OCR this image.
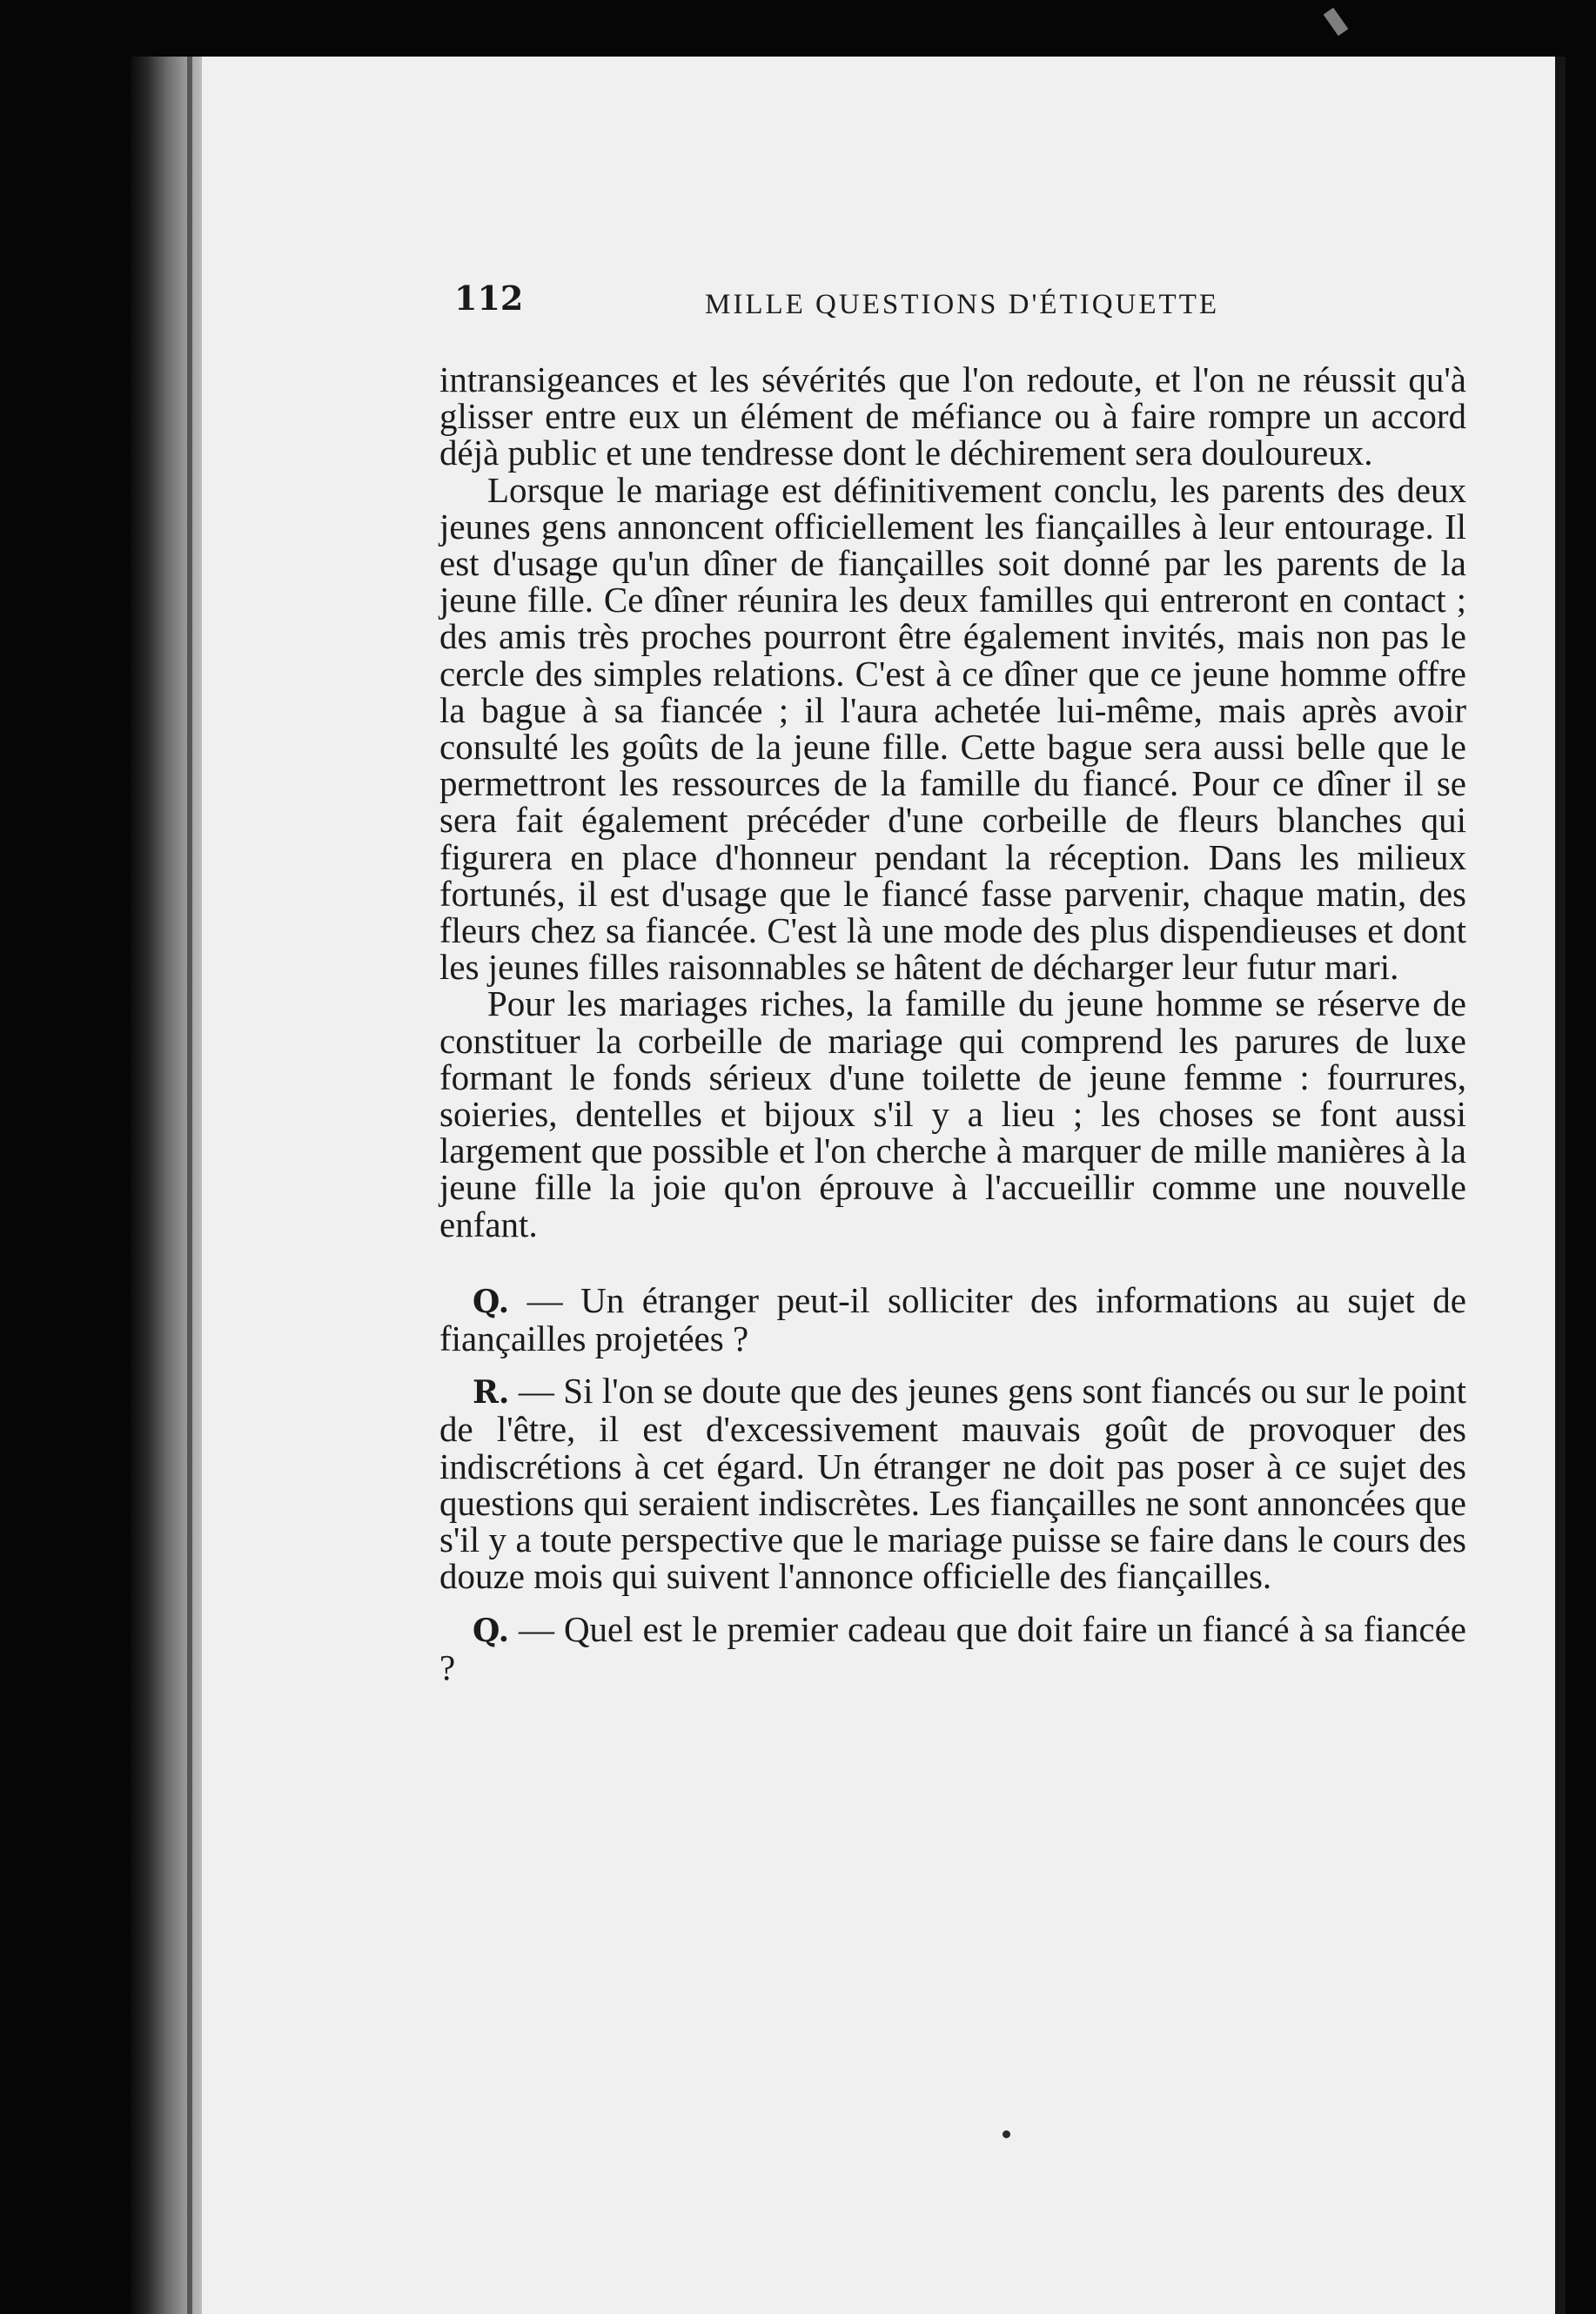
112	MILLE QUESTIONS D'ÉTIQUETTE

intransigeances et les sévérités que l'on redoute, et l'on ne réussit qu'à glisser entre eux un élément de méfiance ou à faire rompre un accord déjà public et une tendresse dont le déchirement sera douloureux.

Lorsque le mariage est définitivement conclu, les parents des deux jeunes gens annoncent officiellement les fiançailles à leur entourage. Il est d'usage qu'un dîner de fiançailles soit donné par les parents de la jeune fille. Ce dîner réunira les deux familles qui entreront en contact ; des amis très proches pourront être également invités, mais non pas le cercle des simples relations. C'est à ce dîner que ce jeune homme offre la bague à sa fiancée ; il l'aura achetée lui-même, mais après avoir consulté les goûts de la jeune fille. Cette bague sera aussi belle que le permettront les ressources de la famille du fiancé. Pour ce dîner il se sera fait également précéder d'une corbeille de fleurs blanches qui figurera en place d'honneur pendant la réception. Dans les milieux fortunés, il est d'usage que le fiancé fasse parvenir, chaque matin, des fleurs chez sa fiancée. C'est là une mode des plus dispendieuses et dont les jeunes filles raisonnables se hâtent de décharger leur futur mari.

Pour les mariages riches, la famille du jeune homme se réserve de constituer la corbeille de mariage qui comprend les parures de luxe formant le fonds sérieux d'une toilette de jeune femme : fourrures, soieries, dentelles et bijoux s'il y a lieu ; les choses se font aussi largement que possible et l'on cherche à marquer de mille manières à la jeune fille la joie qu'on éprouve à l'accueillir comme une nouvelle enfant.

Q. — Un étranger peut-il solliciter des informations au sujet de fiançailles projetées ?

R. — Si l'on se doute que des jeunes gens sont fiancés ou sur le point de l'être, il est d'excessivement mauvais goût de provoquer des indiscrétions à cet égard. Un étranger ne doit pas poser à ce sujet des questions qui seraient indiscrètes. Les fiançailles ne sont annoncées que s'il y a toute perspective que le mariage puisse se faire dans le cours des douze mois qui suivent l'annonce officielle des fiançailles.

Q. — Quel est le premier cadeau que doit faire un fiancé à sa fiancée ?
